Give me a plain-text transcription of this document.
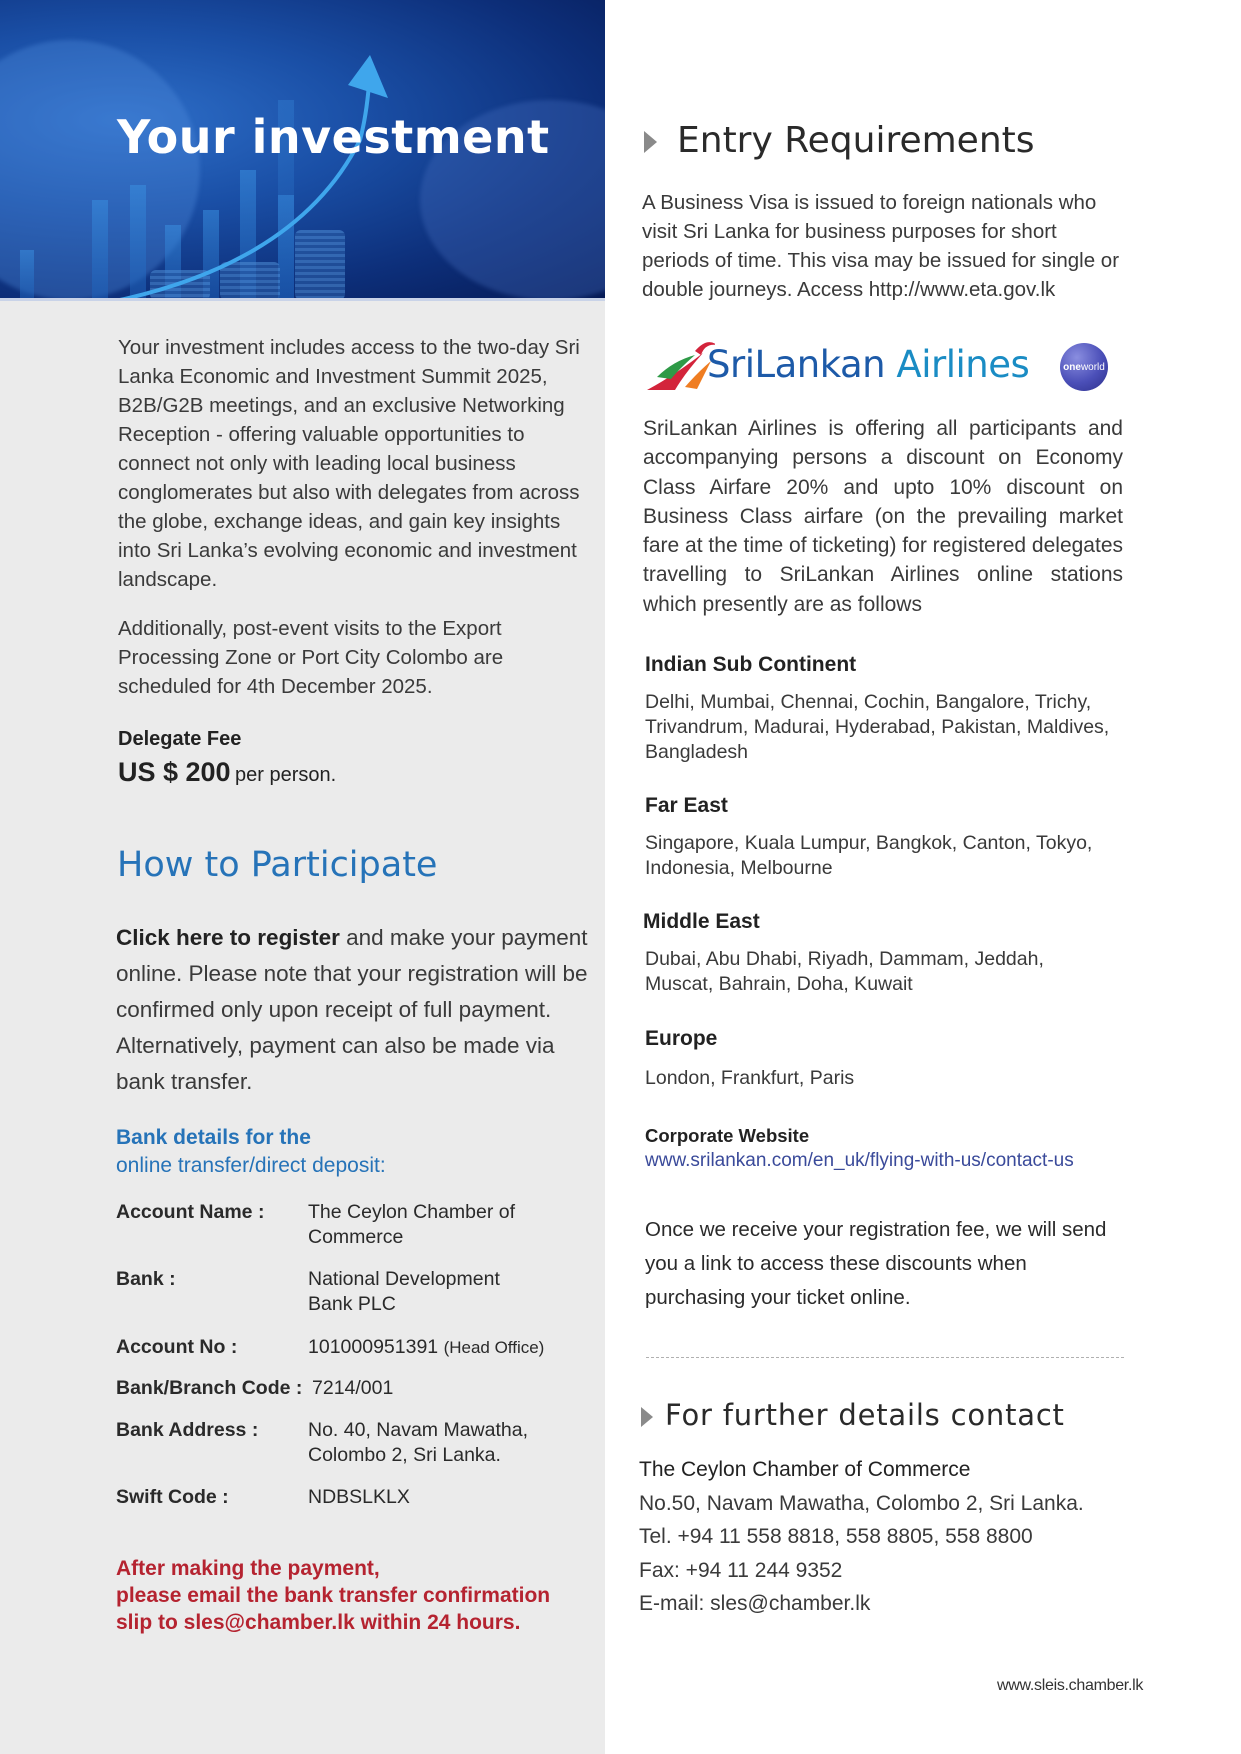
Your investment
Your investment includes access to the two-day Sri Lanka Economic and Investment Summit 2025, B2B/G2B meetings, and an exclusive Networking Reception - offering valuable opportunities to connect not only with leading local business conglomerates but also with delegates from across the globe, exchange ideas, and gain key insights into Sri Lanka’s evolving economic and investment landscape.
Additionally, post-event visits to the Export Processing Zone or Port City Colombo are scheduled for 4th December 2025.
Delegate Fee
US $ 200 per person.
How to Participate
Click here to register and make your payment online. Please note that your registration will be confirmed only upon receipt of full payment. Alternatively, payment can also be made via bank transfer.
Bank details for the
online transfer/direct deposit:
Account Name : The Ceylon Chamber of Commerce
Bank :	National Development Bank PLC
Account No :	101000951391 (Head Office)
Bank/Branch Code : 7214/001
Bank Address :	No. 40, Navam Mawatha, Colombo 2, Sri Lanka.
Swift Code :	NDBSLKLX
After making the payment,
please email the bank transfer confirmation
slip to sles@chamber.lk within 24 hours.
Entry Requirements
A Business Visa is issued to foreign nationals who visit Sri Lanka for business purposes for short periods of time. This visa may be issued for single or double journeys. Access http://www.eta.gov.lk
SriLankan Airlines	one world
SriLankan Airlines is offering all participants and accompanying persons a discount on Economy Class Airfare 20% and upto 10% discount on Business Class airfare (on the prevailing market fare at the time of ticketing) for registered delegates travelling to SriLankan Airlines online stations which presently are as follows
Indian Sub Continent
Delhi, Mumbai, Chennai, Cochin, Bangalore, Trichy, Trivandrum, Madurai, Hyderabad, Pakistan, Maldives, Bangladesh
Far East
Singapore, Kuala Lumpur, Bangkok, Canton, Tokyo, Indonesia, Melbourne
Middle East
Dubai, Abu Dhabi, Riyadh, Dammam, Jeddah, Muscat, Bahrain, Doha, Kuwait
Europe
London, Frankfurt, Paris
Corporate Website
www.srilankan.com/en_uk/flying-with-us/contact-us
Once we receive your registration fee, we will send you a link to access these discounts when purchasing your ticket online.
For further details contact
The Ceylon Chamber of Commerce
No.50, Navam Mawatha, Colombo 2, Sri Lanka.
Tel. +94 11 558 8818, 558 8805, 558 8800
Fax: +94 11 244 9352
E-mail: sles@chamber.lk
www.sleis.chamber.lk
